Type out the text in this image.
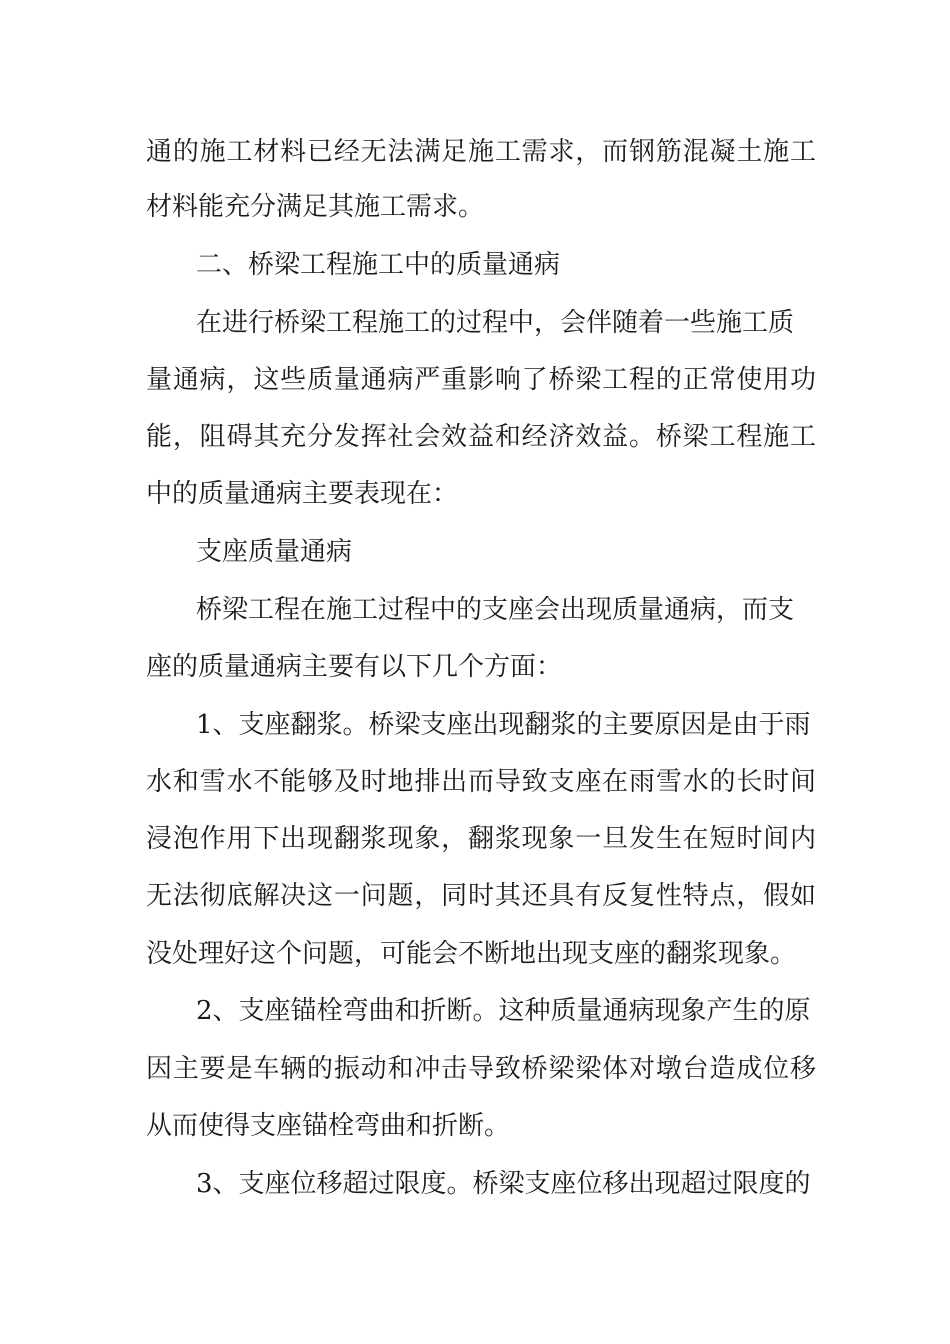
通的施工材料已经无法满足施工需求，而钢筋混凝土施工
材料能充分满足其施工需求。
二、桥梁工程施工中的质量通病
在进行桥梁工程施工的过程中，会伴随着一些施工质
量通病，这些质量通病严重影响了桥梁工程的正常使用功
能，阻碍其充分发挥社会效益和经济效益。桥梁工程施工
中的质量通病主要表现在：
支座质量通病
桥梁工程在施工过程中的支座会出现质量通病，而支
座的质量通病主要有以下几个方面：
1、支座翻浆。桥梁支座出现翻浆的主要原因是由于雨
水和雪水不能够及时地排出而导致支座在雨雪水的长时间
浸泡作用下出现翻浆现象，翻浆现象一旦发生在短时间内
无法彻底解决这一问题，同时其还具有反复性特点，假如
没处理好这个问题，可能会不断地出现支座的翻浆现象。
2、支座锚栓弯曲和折断。这种质量通病现象产生的原
因主要是车辆的振动和冲击导致桥梁梁体对墩台造成位移
从而使得支座锚栓弯曲和折断。
3、支座位移超过限度。桥梁支座位移出现超过限度的
